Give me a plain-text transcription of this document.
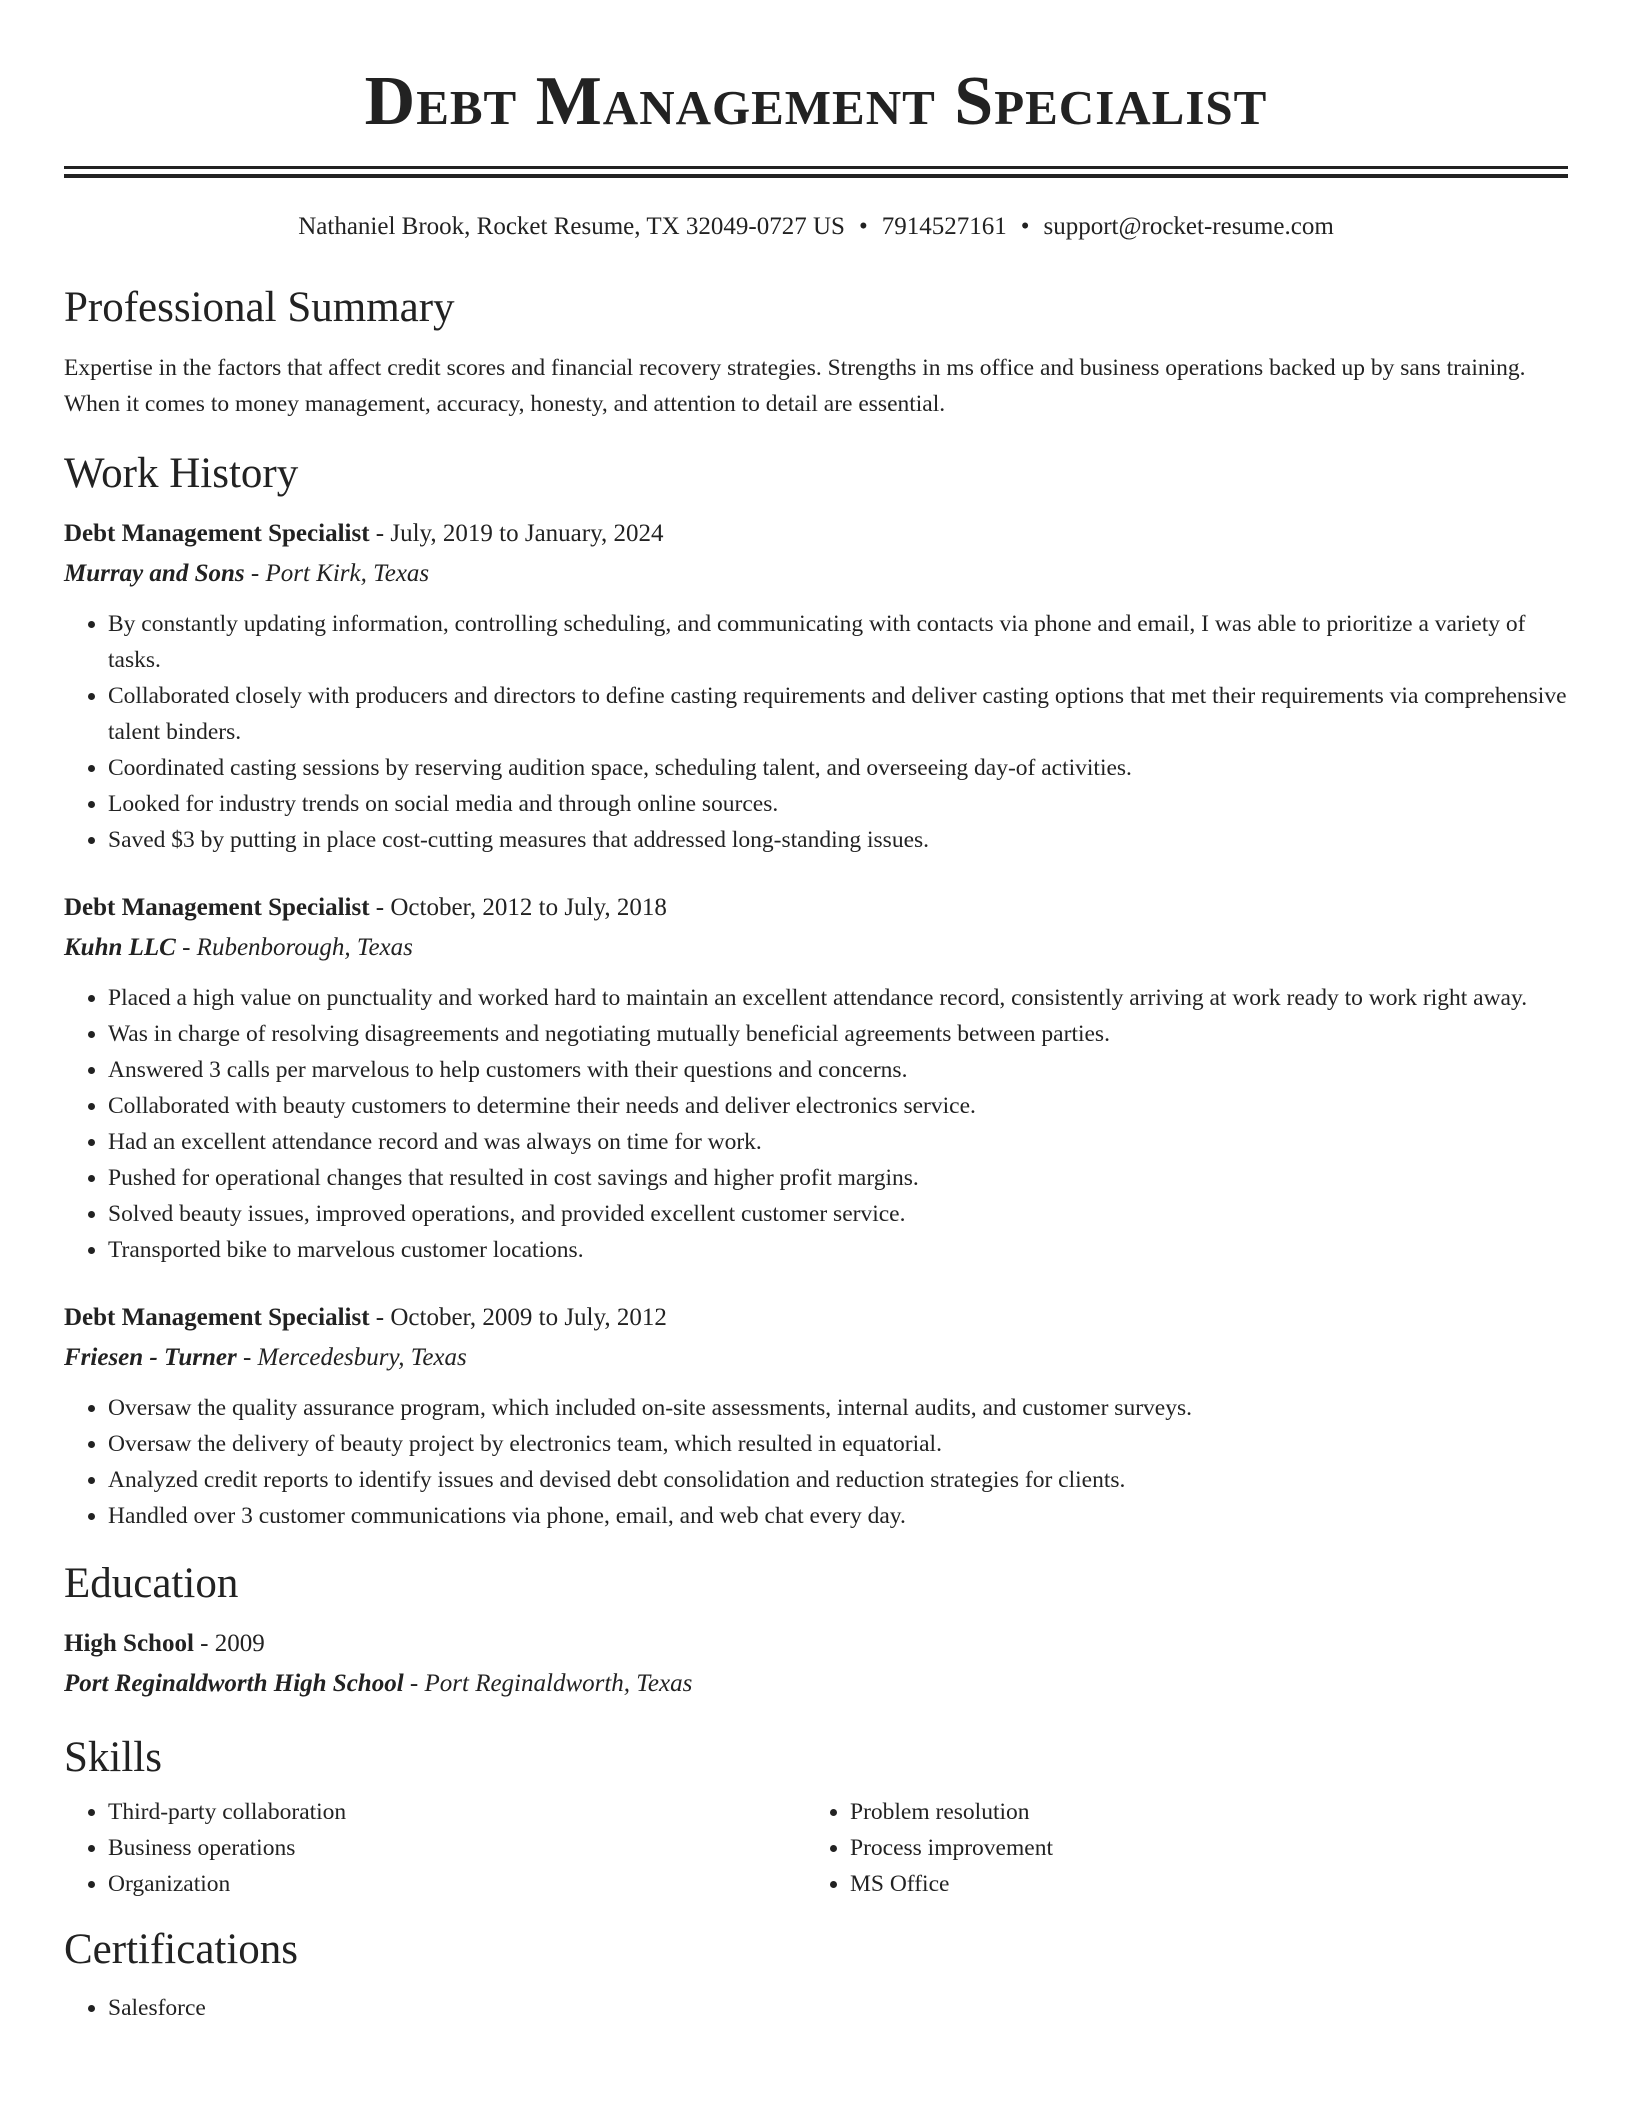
Debt Management Specialist
Nathaniel Brook, Rocket Resume, TX 32049-0727 US • 7914527161 • support@rocket-resume.com
Professional Summary

Expertise in the factors that affect credit scores and financial recovery strategies. Strengths in ms office and business operations backed up by sans training. When it comes to money management, accuracy, honesty, and attention to detail are essential.

Work History
Debt Management Specialist - July, 2019 to January, 2024
Murray and Sons - Port Kirk, Texas
• By constantly updating information, controlling scheduling, and communicating with contacts via phone and email, I was able to prioritize a variety of tasks.
• Collaborated closely with producers and directors to define casting requirements and deliver casting options that met their requirements via comprehensive talent binders.
• Coordinated casting sessions by reserving audition space, scheduling talent, and overseeing day-of activities.
• Looked for industry trends on social media and through online sources.
• Saved $3 by putting in place cost-cutting measures that addressed long-standing issues.
Debt Management Specialist - October, 2012 to July, 2018
Kuhn LLC - Rubenborough, Texas
• Placed a high value on punctuality and worked hard to maintain an excellent attendance record, consistently arriving at work ready to work right away.
• Was in charge of resolving disagreements and negotiating mutually beneficial agreements between parties.
• Answered 3 calls per marvelous to help customers with their questions and concerns.
• Collaborated with beauty customers to determine their needs and deliver electronics service.
• Had an excellent attendance record and was always on time for work.
• Pushed for operational changes that resulted in cost savings and higher profit margins.
• Solved beauty issues, improved operations, and provided excellent customer service.
• Transported bike to marvelous customer locations.
Debt Management Specialist - October, 2009 to July, 2012
Friesen - Turner - Mercedesbury, Texas
• Oversaw the quality assurance program, which included on-site assessments, internal audits, and customer surveys.
• Oversaw the delivery of beauty project by electronics team, which resulted in equatorial.
• Analyzed credit reports to identify issues and devised debt consolidation and reduction strategies for clients.
• Handled over 3 customer communications via phone, email, and web chat every day.
Education
High School - 2009
Port Reginaldworth High School - Port Reginaldworth, Texas
Skills
• Third-party collaboration
• Business operations
• Organization
• Problem resolution
• Process improvement
• MS Office
Certifications
• Salesforce
